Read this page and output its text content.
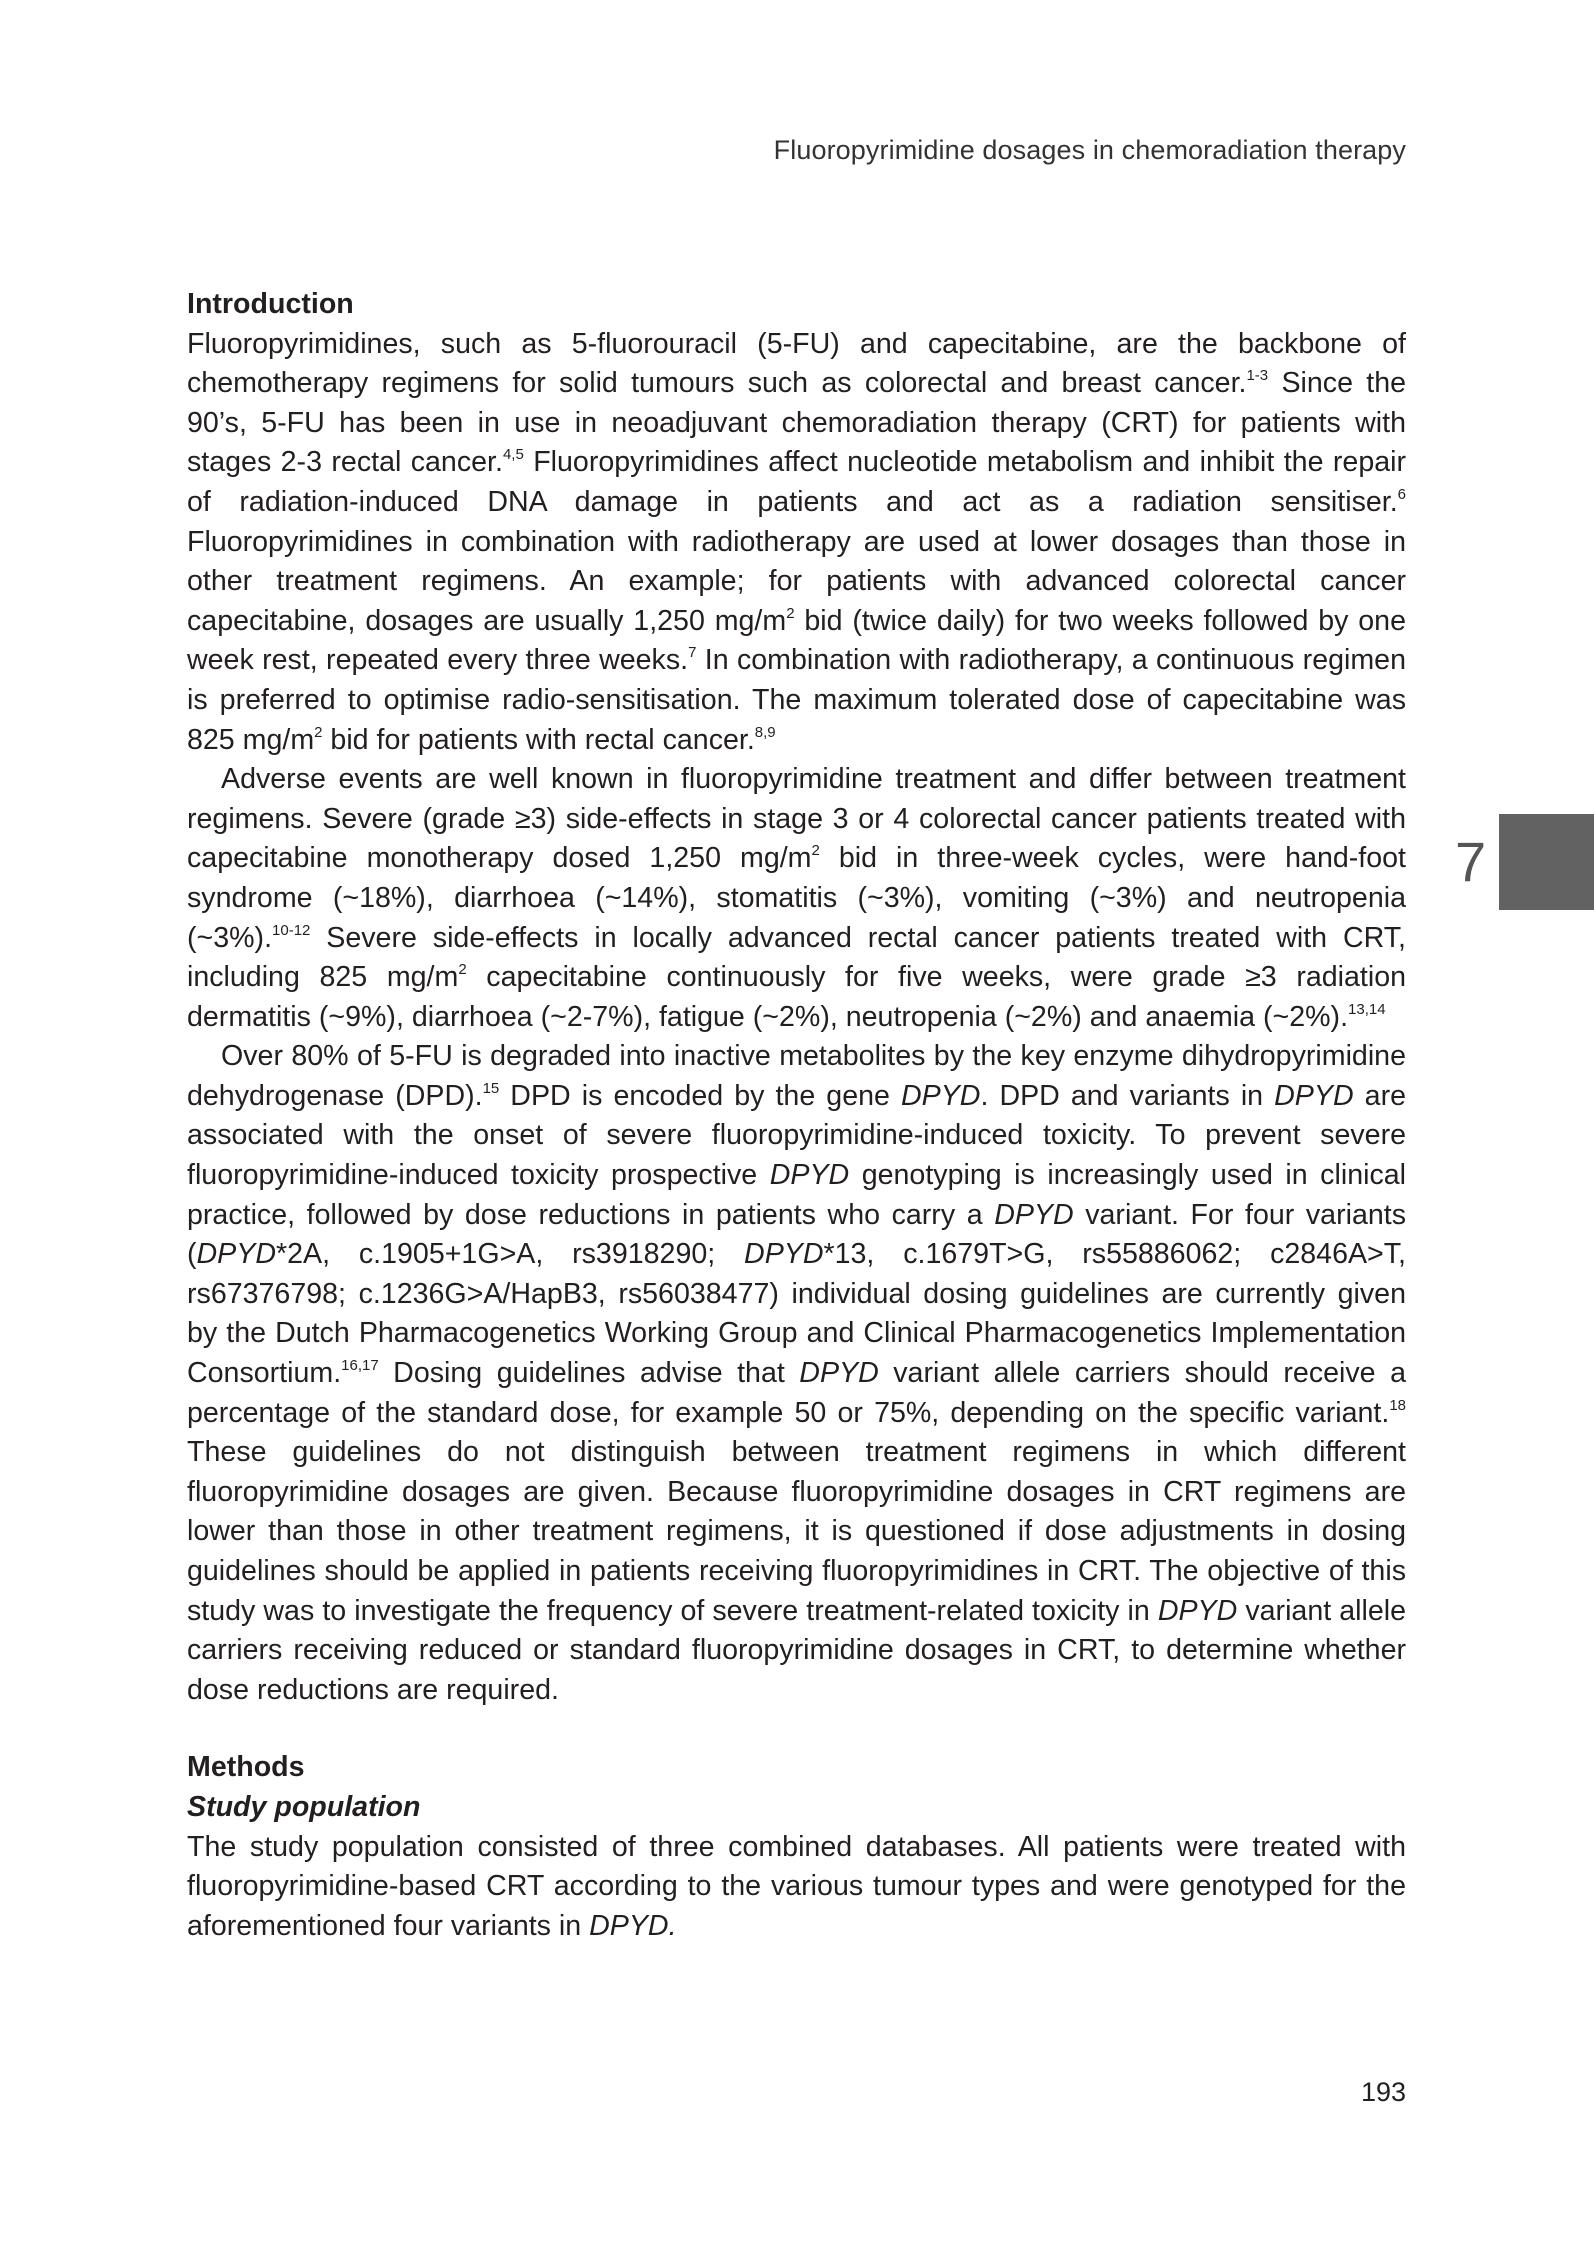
Fluoropyrimidine dosages in chemoradiation therapy
7
Introduction

Fluoropyrimidines, such as 5-fluorouracil (5-FU) and capecitabine, are the backbone of chemotherapy regimens for solid tumours such as colorectal and breast cancer.$^{1-3}$ Since the 90’s, 5-FU has been in use in neoadjuvant chemoradiation therapy (CRT) for patients with stages 2-3 rectal cancer.$^{4,5}$ Fluoropyrimidines affect nucleotide metabolism and inhibit the repair of radiation-induced DNA damage in patients and act as a radiation sensitiser.$^6$ Fluoropyrimidines in combination with radiotherapy are used at lower dosages than those in other treatment regimens. An example; for patients with advanced colorectal cancer capecitabine, dosages are usually 1,250 $mg/m^2$ bid (twice daily) for two weeks followed by one week rest, repeated every three weeks.$^7$ In combination with radiotherapy, a continuous regimen is preferred to optimise radio-sensitisation. The maximum tolerated dose of capecitabine was 825 $mg/m^2$ bid for patients with rectal cancer.$^{8,9}$

Adverse events are well known in fluoropyrimidine treatment and differ between treatment regimens. Severe (grade ≥3) side-effects in stage 3 or 4 colorectal cancer patients treated with capecitabine monotherapy dosed 1,250 $mg/m^2$ bid in three-week cycles, were hand-foot syndrome (~18%), diarrhoea (~14%), stomatitis (~3%), vomiting (~3%) and neutropenia (~3%).$^{10-12}$ Severe side-effects in locally advanced rectal cancer patients treated with CRT, including 825 $mg/m^2$ capecitabine continuously for five weeks, were grade ≥3 radiation dermatitis (~9%), diarrhoea (~2-7%), fatigue (~2%), neutropenia (~2%) and anaemia (~2%).$^{13,14}$

Over 80% of 5-FU is degraded into inactive metabolites by the key enzyme dihydropyrimidine dehydrogenase (DPD).$^{15}$ DPD is encoded by the gene DPYD. DPD and variants in DPYD are associated with the onset of severe fluoropyrimidine-induced toxicity. To prevent severe fluoropyrimidine-induced toxicity prospective DPYD genotyping is increasingly used in clinical practice, followed by dose reductions in patients who carry a DPYD variant. For four variants (DPYD*2A, c.1905+1G>A, rs3918290; DPYD*13, c.1679T>G, rs55886062; c2846A>T, rs67376798; c.1236G>A/HapB3, rs56038477) individual dosing guidelines are currently given by the Dutch Pharmacogenetics Working Group and Clinical Pharmacogenetics Implementation Consortium.$^{16,17}$ Dosing guidelines advise that DPYD variant allele carriers should receive a percentage of the standard dose, for example 50 or 75%, depending on the specific variant.$^{18}$ These guidelines do not distinguish between treatment regimens in which different fluoropyrimidine dosages are given. Because fluoropyrimidine dosages in CRT regimens are lower than those in other treatment regimens, it is questioned if dose adjustments in dosing guidelines should be applied in patients receiving fluoropyrimidines in CRT. The objective of this study was to investigate the frequency of severe treatment-related toxicity in DPYD variant allele carriers receiving reduced or standard fluoropyrimidine dosages in CRT, to determine whether dose reductions are required.

Methods
Study population

The study population consisted of three combined databases. All patients were treated with fluoropyrimidine-based CRT according to the various tumour types and were genotyped for the aforementioned four variants in DPYD.

193
